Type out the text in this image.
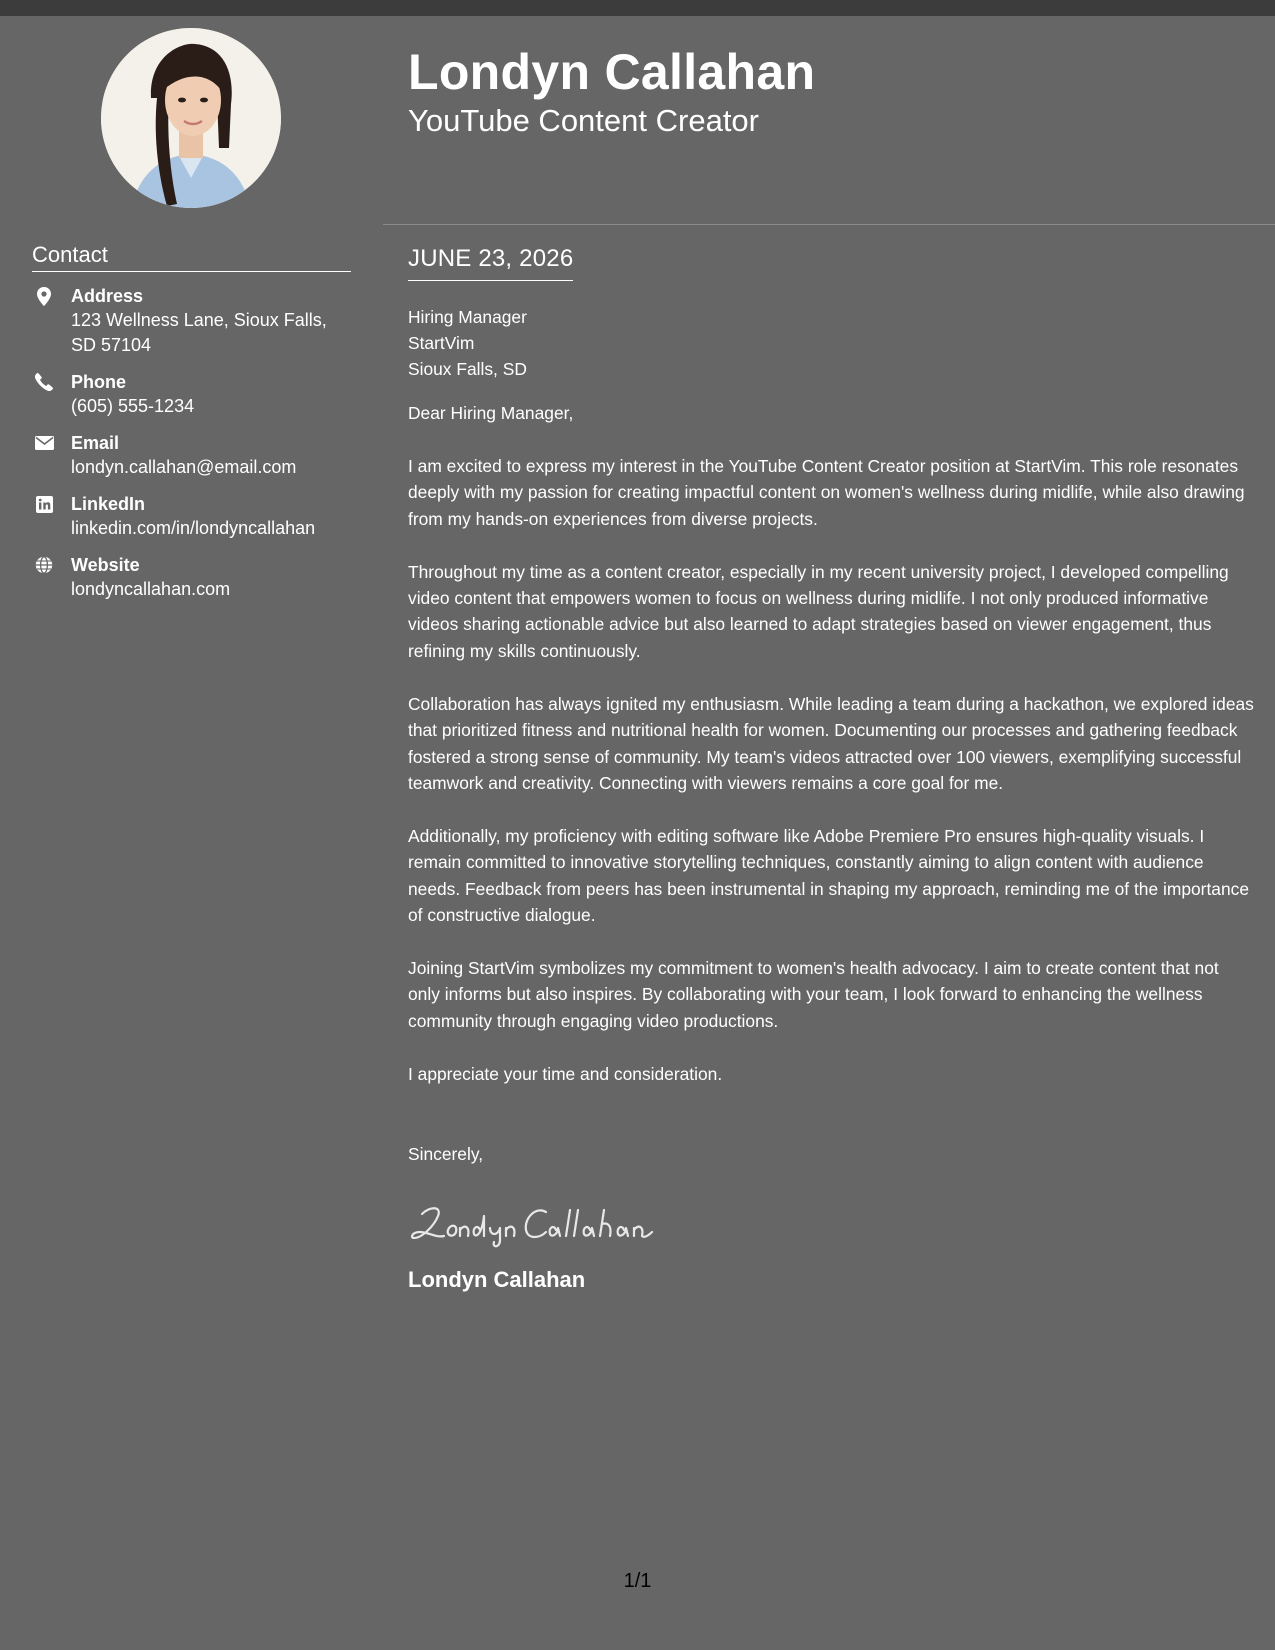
Contact
Address
123 Wellness Lane, Sioux Falls, SD 57104
Phone
(605) 555-1234
Email
londyn.callahan@email.com
LinkedIn
linkedin.com/in/londyncallahan
Website
londyncallahan.com
Londyn Callahan
YouTube Content Creator
JUNE 23, 2026

Hiring Manager

StartVim

Sioux Falls, SD

Dear Hiring Manager,

I am excited to express my interest in the YouTube Content Creator position at StartVim. This role resonates deeply with my passion for creating impactful content on women's wellness during midlife, while also drawing from my hands-on experiences from diverse projects.

Throughout my time as a content creator, especially in my recent university project, I developed compelling video content that empowers women to focus on wellness during midlife. I not only produced informative videos sharing actionable advice but also learned to adapt strategies based on viewer engagement, thus refining my skills continuously.

Collaboration has always ignited my enthusiasm. While leading a team during a hackathon, we explored ideas that prioritized fitness and nutritional health for women. Documenting our processes and gathering feedback fostered a strong sense of community. My team's videos attracted over 100 viewers, exemplifying successful teamwork and creativity. Connecting with viewers remains a core goal for me.

Additionally, my proficiency with editing software like Adobe Premiere Pro ensures high-quality visuals. I remain committed to innovative storytelling techniques, constantly aiming to align content with audience needs. Feedback from peers has been instrumental in shaping my approach, reminding me of the importance of constructive dialogue.

Joining StartVim symbolizes my commitment to women's health advocacy. I aim to create content that not only informs but also inspires. By collaborating with your team, I look forward to enhancing the wellness community through engaging video productions.

I appreciate your time and consideration.

Sincerely,

Londyn Callahan
1/1
